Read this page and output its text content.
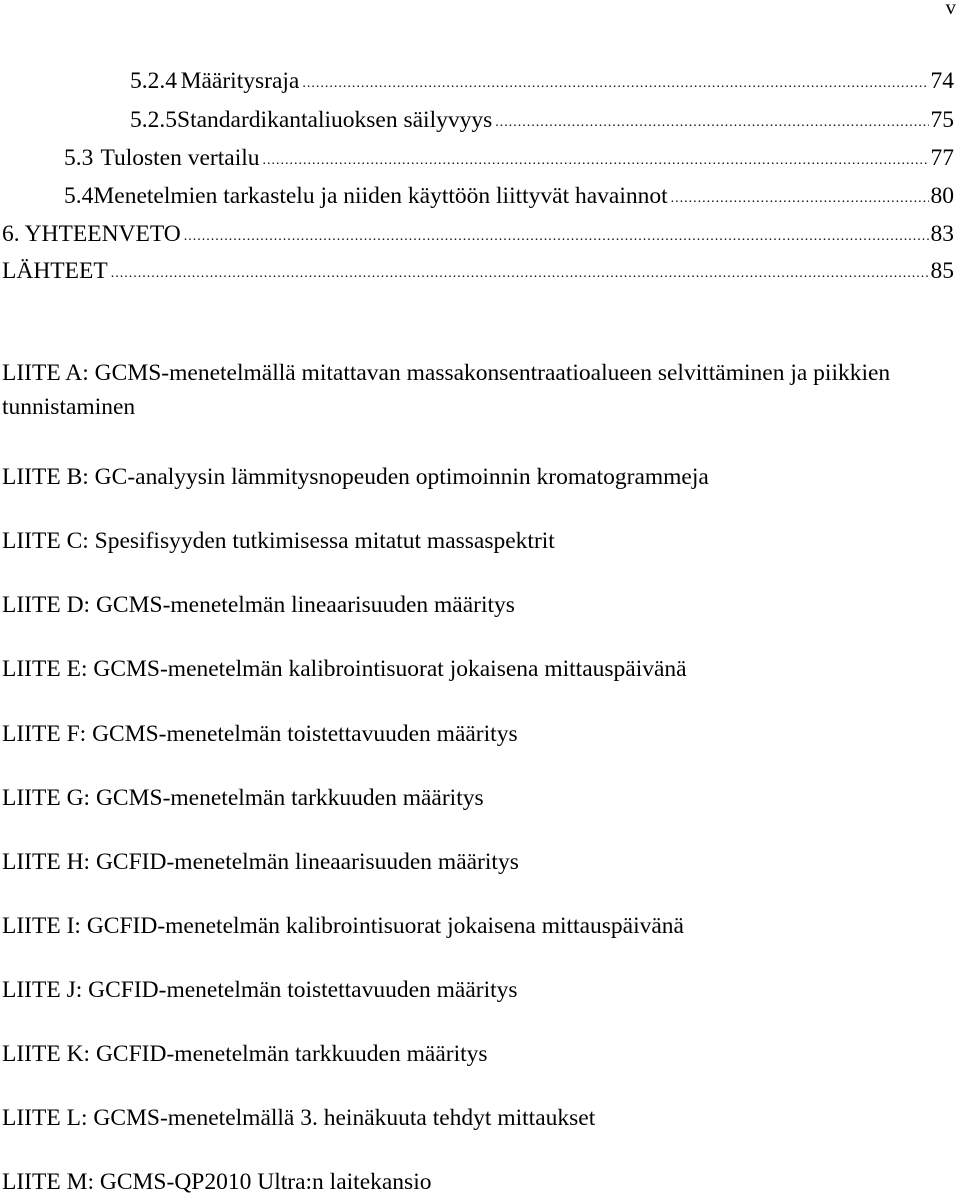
v
5.2.4 Määritysraja .....	74
5.2.5 Standardikantaliuoksen säilyvyys .....	75
5.3 Tulosten vertailu .....	77
5.4 Menetelmien tarkastelu ja niiden käyttöön liittyvät havainnot .....	80
6. YHTEENVETO .....	83
LÄHTEET .....	85
LIITE A: GCMS-menetelmällä mitattavan massakonsentraatioalueen selvittäminen ja piikkien tunnistaminen
LIITE B: GC-analyysin lämmitysnopeuden optimoinnin kromatogrammeja
LIITE C: Spesifisyyden tutkimisessa mitatut massaspektrit
LIITE D: GCMS-menetelmän lineaarisuuden määritys
LIITE E: GCMS-menetelmän kalibrointisuorat jokaisena mittauspäivänä
LIITE F: GCMS-menetelmän toistettavuuden määritys
LIITE G: GCMS-menetelmän tarkkuuden määritys
LIITE H: GCFID-menetelmän lineaarisuuden määritys
LIITE I: GCFID-menetelmän kalibrointisuorat jokaisena mittauspäivänä
LIITE J: GCFID-menetelmän toistettavuuden määritys
LIITE K: GCFID-menetelmän tarkkuuden määritys
LIITE L: GCMS-menetelmällä 3. heinäkuuta tehdyt mittaukset
LIITE M: GCMS-QP2010 Ultra:n laitekansio
